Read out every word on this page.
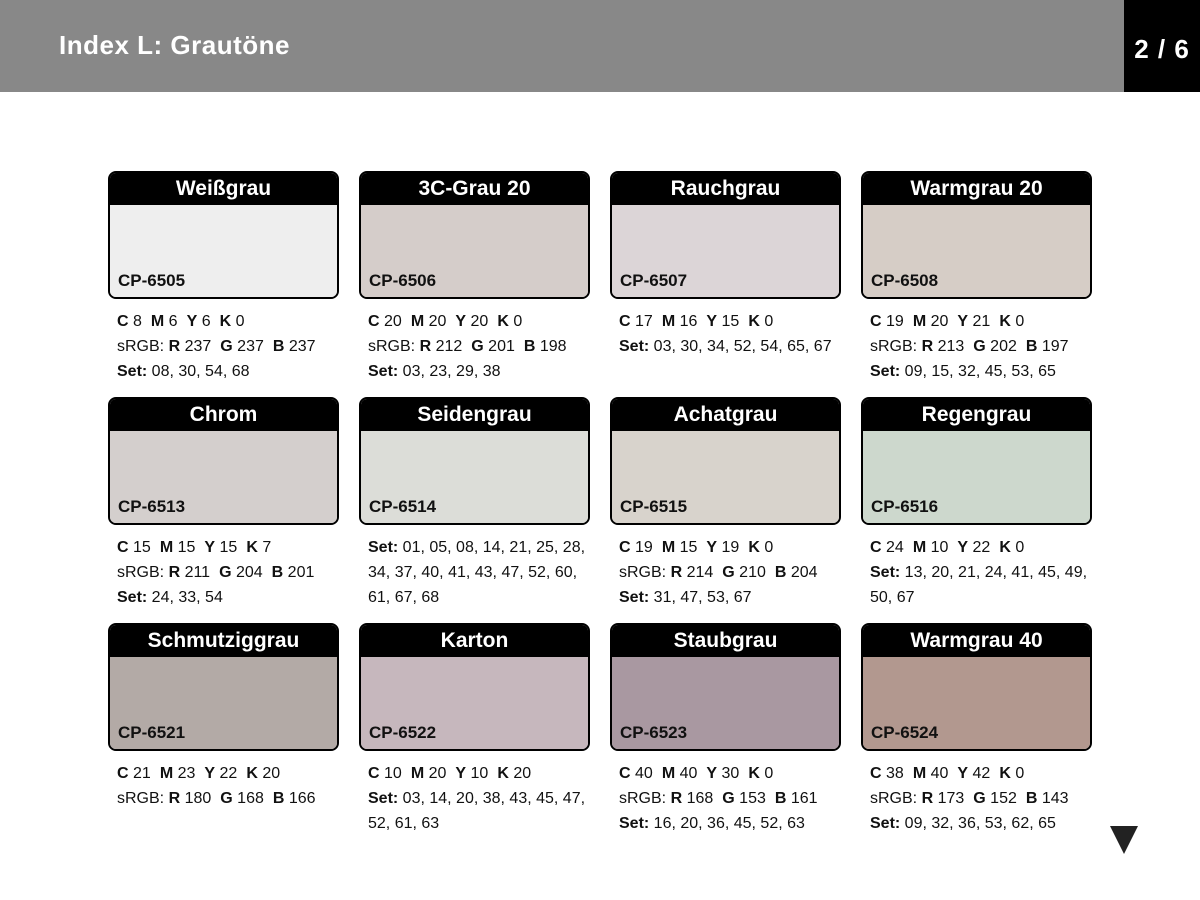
Index L: Grautöne	2 / 6
Weißgrau
CP-6505
C 8 M 6 Y 6 K 0
sRGB: R 237 G 237 B 237
Set: 08, 30, 54, 68
3C-Grau 20
CP-6506
C 20 M 20 Y 20 K 0
sRGB: R 212 G 201 B 198
Set: 03, 23, 29, 38
Rauchgrau
CP-6507
C 17 M 16 Y 15 K 0
Set: 03, 30, 34, 52, 54, 65, 67
Warmgrau 20
CP-6508
C 19 M 20 Y 21 K 0
sRGB: R 213 G 202 B 197
Set: 09, 15, 32, 45, 53, 65
Chrom
CP-6513
C 15 M 15 Y 15 K 7
sRGB: R 211 G 204 B 201
Set: 24, 33, 54
Seidengrau
CP-6514
Set: 01, 05, 08, 14, 21, 25, 28, 34, 37, 40, 41, 43, 47, 52, 60, 61, 67, 68
Achatgrau
CP-6515
C 19 M 15 Y 19 K 0
sRGB: R 214 G 210 B 204
Set: 31, 47, 53, 67
Regengrau
CP-6516
C 24 M 10 Y 22 K 0
Set: 13, 20, 21, 24, 41, 45, 49, 50, 67
Schmutziggrau
CP-6521
C 21 M 23 Y 22 K 20
sRGB: R 180 G 168 B 166
Karton
CP-6522
C 10 M 20 Y 10 K 20
Set: 03, 14, 20, 38, 43, 45, 47, 52, 61, 63
Staubgrau
CP-6523
C 40 M 40 Y 30 K 0
sRGB: R 168 G 153 B 161
Set: 16, 20, 36, 45, 52, 63
Warmgrau 40
CP-6524
C 38 M 40 Y 42 K 0
sRGB: R 173 G 152 B 143
Set: 09, 32, 36, 53, 62, 65
